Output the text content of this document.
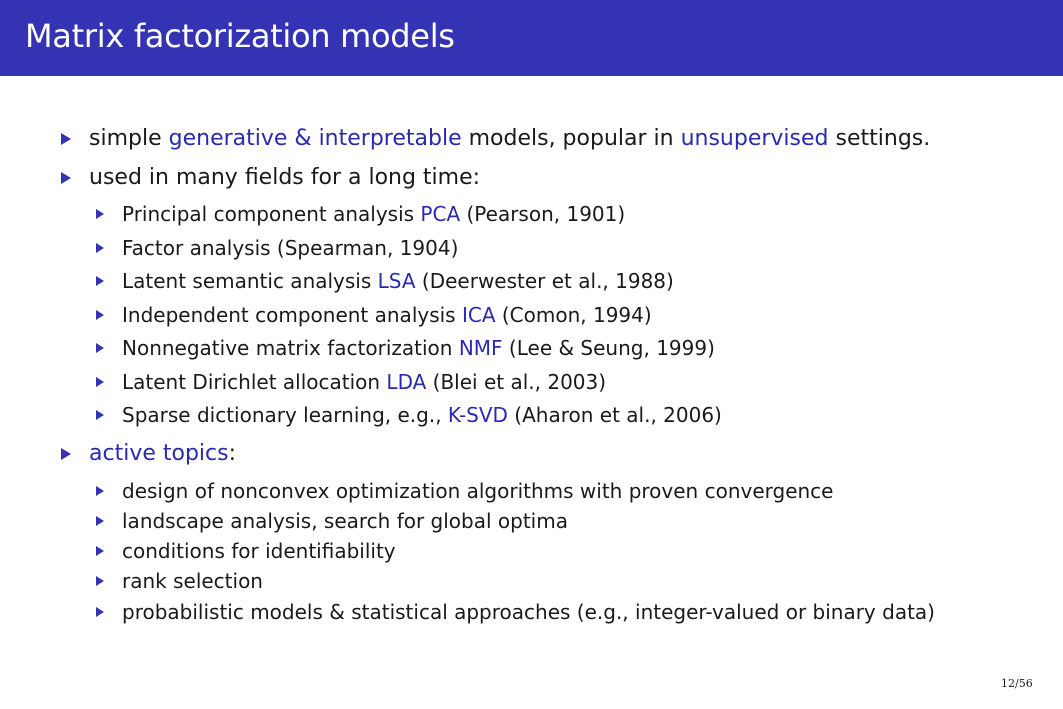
Matrix factorization models
simple generative & interpretable models, popular in unsupervised settings.
used in many fields for a long time:
Principal component analysis PCA (Pearson, 1901)
Factor analysis (Spearman, 1904)
Latent semantic analysis LSA (Deerwester et al., 1988)
Independent component analysis ICA (Comon, 1994)
Nonnegative matrix factorization NMF (Lee & Seung, 1999)
Latent Dirichlet allocation LDA (Blei et al., 2003)
Sparse dictionary learning, e.g., K-SVD (Aharon et al., 2006)
active topics:
design of nonconvex optimization algorithms with proven convergence
landscape analysis, search for global optima
conditions for identifiability
rank selection
probabilistic models & statistical approaches (e.g., integer-valued or binary data)
12/56
